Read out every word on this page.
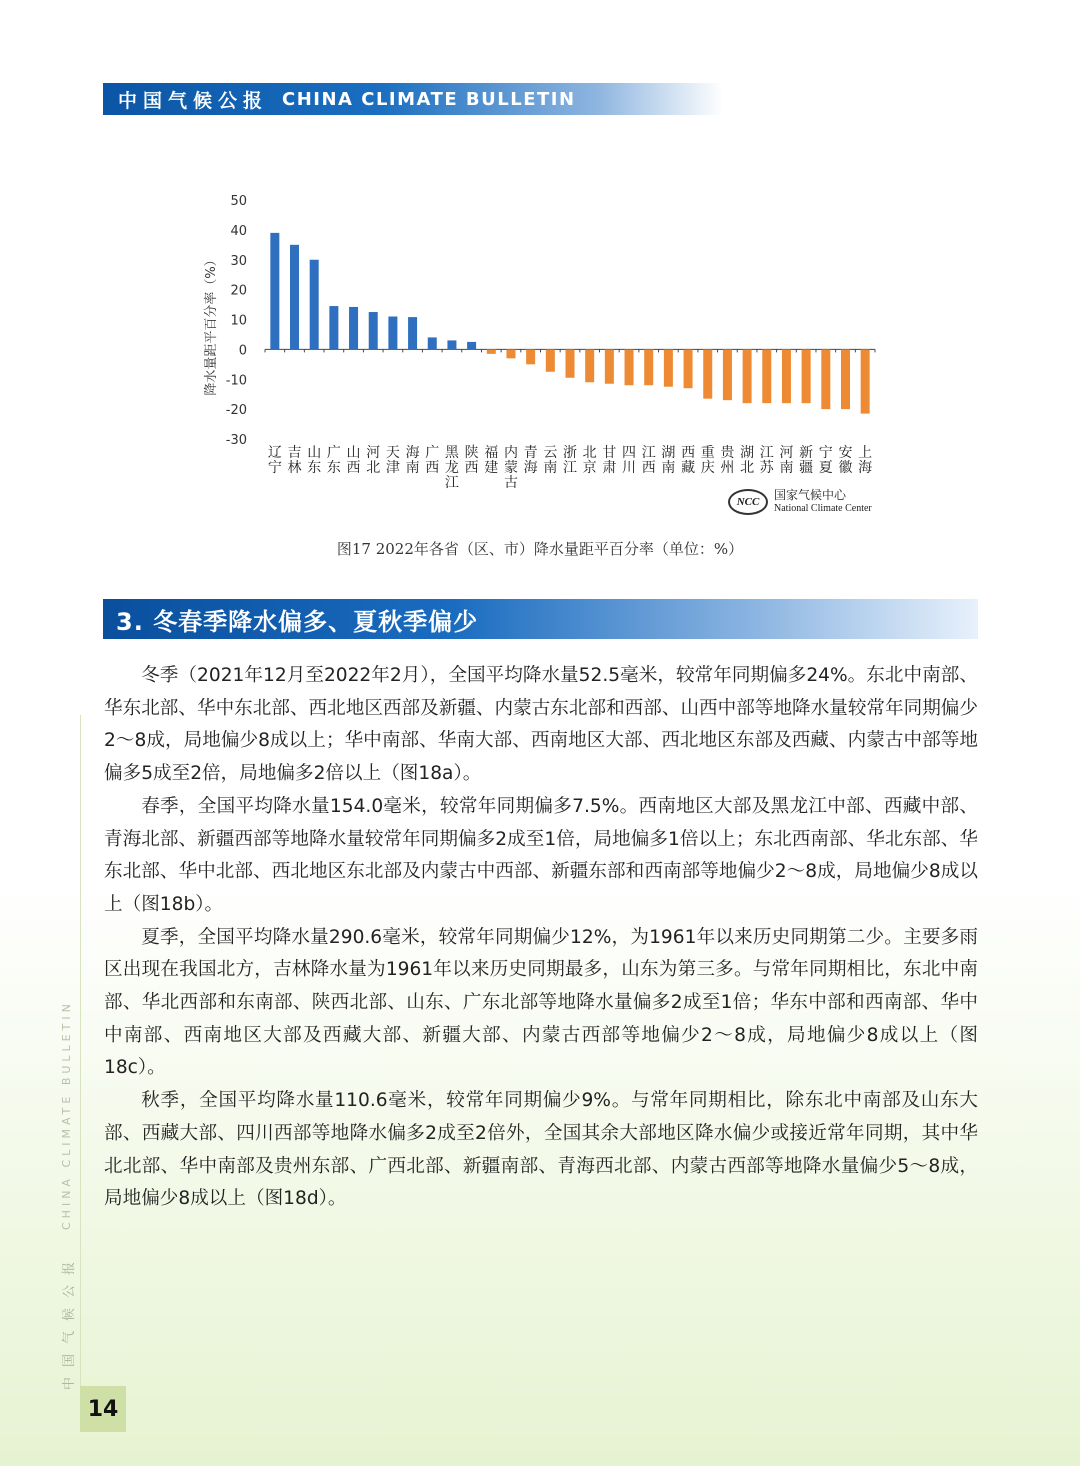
中国气候公报 CHINA CLIMATE BULLETIN
50
40
30
20
10
0
-10
-20
-30
降水量距平百分率（%）
辽宁
吉林
山东
广东
山西
河北
天津
海南
广西
黑龙江
陕西
福建
内蒙古
青海
云南
浙江
北京
甘肃
四川
江西
湖南
西藏
重庆
贵州
湖北
江苏
河南
新疆
宁夏
安徽
上海
NCC 国家气候中心
National Climate Center
图17 2022年各省（区、市）降水量距平百分率（单位：%）
3. 冬春季降水偏多、夏秋季偏少

冬季（2021年12月至2022年2月），全国平均降水量52.5毫米，较常年同期偏多24%。东北中南部、华东北部、华中东北部、西北地区西部及新疆、内蒙古东北部和西部、山西中部等地降水量较常年同期偏少2～8成，局地偏少8成以上；华中南部、华南大部、西南地区大部、西北地区东部及西藏、内蒙古中部等地偏多5成至2倍，局地偏多2倍以上（图18a）。

春季，全国平均降水量154.0毫米，较常年同期偏多7.5%。西南地区大部及黑龙江中部、西藏中部、青海北部、新疆西部等地降水量较常年同期偏多2成至1倍，局地偏多1倍以上；东北西南部、华北东部、华东北部、华中北部、西北地区东北部及内蒙古中西部、新疆东部和西南部等地偏少2～8成，局地偏少8成以上（图18b）。

夏季，全国平均降水量290.6毫米，较常年同期偏少12%，为1961年以来历史同期第二少。主要多雨区出现在我国北方，吉林降水量为1961年以来历史同期最多，山东为第三多。与常年同期相比，东北中南部、华北西部和东南部、陕西北部、山东、广东北部等地降水量偏多2成至1倍；华东中部和西南部、华中中南部、西南地区大部及西藏大部、新疆大部、内蒙古西部等地偏少2～8成，局地偏少8成以上（图18c）。

秋季，全国平均降水量110.6毫米，较常年同期偏少9%。与常年同期相比，除东北中南部及山东大部、西藏大部、四川西部等地降水偏多2成至2倍外，全国其余大部地区降水偏少或接近常年同期，其中华北北部、华中南部及贵州东部、广西北部、新疆南部、青海西北部、内蒙古西部等地降水量偏少5～8成，局地偏少8成以上（图18d）。

CHINA CLIMATE BULLETIN
中国气候公报
14
